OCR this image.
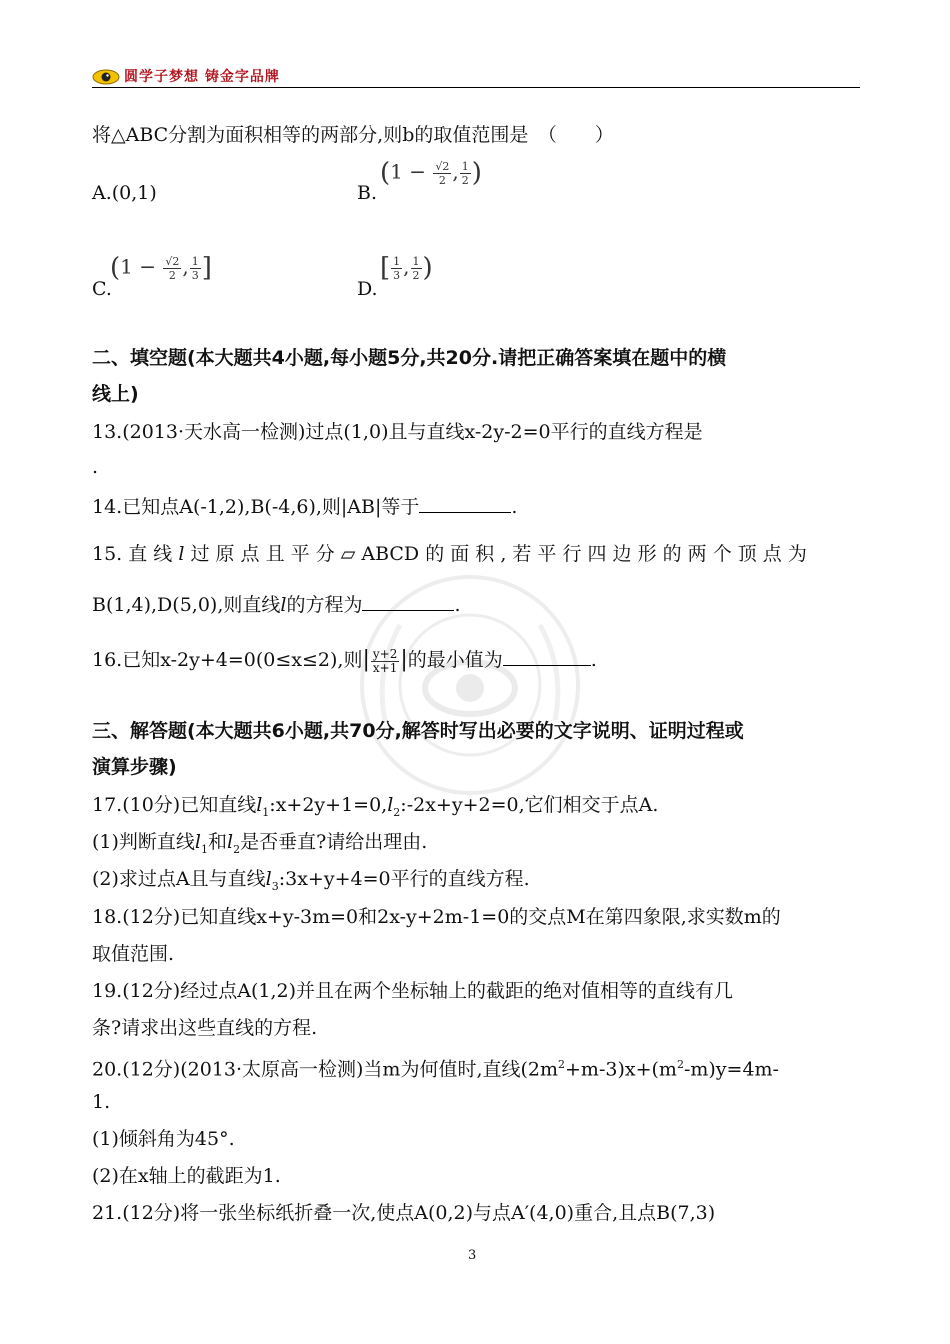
圆学子梦想 铸金字品牌
将△ABC分割为面积相等的两部分,则b的取值范围是　（　　）
A.(0,1)	B.
($1 - \frac{√2}{2}$ , $\frac{1}{2}$ )
C.
($1 - \frac{√2}{2}$ , $\frac{1}{3}$ ]
D.
[ $\frac{1}{3}$ , $\frac{1}{2}$ )
二、填空题(本大题共4小题,每小题5分,共20分.请把正确答案填在题中的横
线上)
13.(2013·天水高一检测)过点(1,0)且与直线x-2y-2=0平行的直线方程是
.
14.已知点A(-1,2),B(-4,6),则|AB|等于	.
15. 直 线 l 过 原 点 且 平 分 ▱ ABCD 的 面 积 , 若 平 行 四 边 形 的 两 个 顶 点 为
B(1,4),D(5,0),则直线l的方程为	.
16.已知x-2y+4=0(0≤x≤2),则| $\frac{y+2}{x+1}$ |的最小值为	.
三、解答题(本大题共6小题,共70分,解答时写出必要的文字说明、证明过程或
演算步骤)
17.(10分)已知直线$l_1:x+2y+1=0,l_2:-2x+y+2=0$,它们相交于点A.
(1)判断直线$l_1$和$l_2$是否垂直?请给出理由.
(2)求过点A且与直线$l_3:3x+y+4=0$平行的直线方程.
18.(12分)已知直线x+y-3m=0和2x-y+2m-1=0的交点M在第四象限,求实数m的
取值范围.
19.(12分)经过点A(1,2)并且在两个坐标轴上的截距的绝对值相等的直线有几
条?请求出这些直线的方程.
20.(12分)(2013·太原高一检测)当m为何值时,直线$(2m^2+m-3)x+(m^2-m)y=4m-$
1.
(1)倾斜角为45°.
(2)在x轴上的截距为1.
21.(12分)将一张坐标纸折叠一次,使点A(0,2)与点A′(4,0)重合,且点B(7,3)
3
